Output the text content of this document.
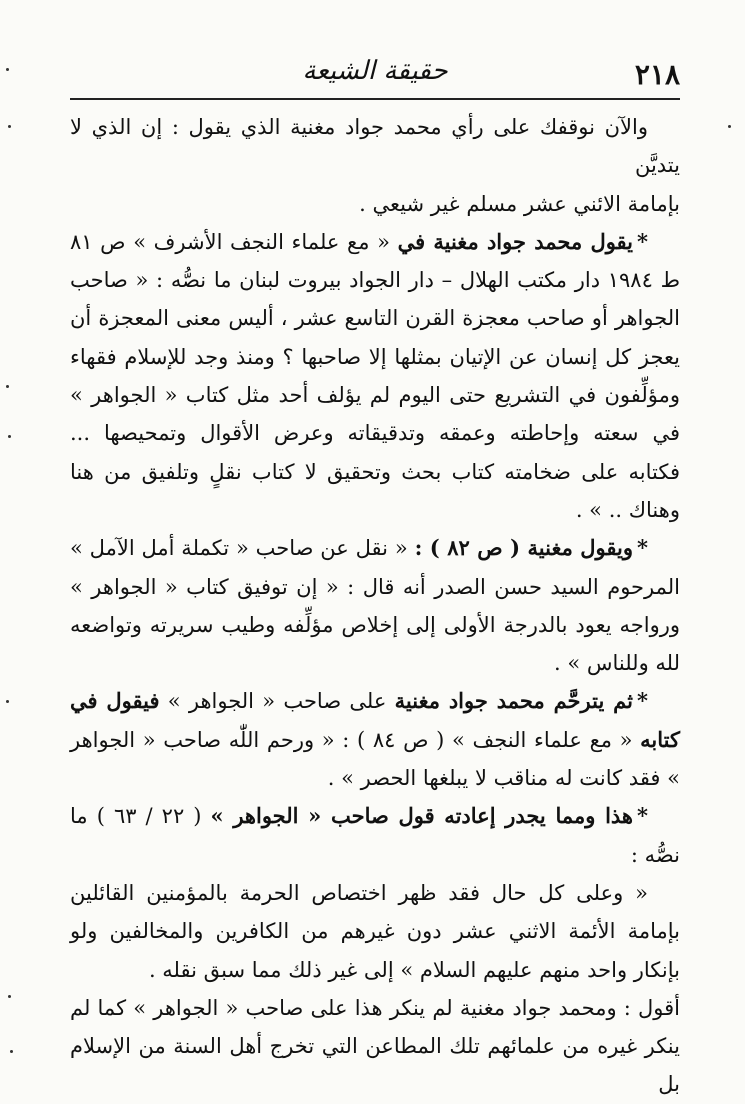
٢١٨
حقيقة الشيعة

والآن نوقفك على رأي محمد جواد مغنية الذي يقول : إن الذي لا يتديَّن
بإمامة الائني عشر مسلم غير شيعي .

*يقول محمد جواد مغنية في « مع علماء النجف الأشرف » ص ٨١ ط ١٩٨٤ دار مكتب الهلال – دار الجواد بيروت لبنان ما نصُّه : « صاحب الجواهر أو صاحب معجزة القرن التاسع عشر ، أليس معنى المعجزة أن يعجز كل إنسان عن الإتيان بمثلها إلا صاحبها ؟ ومنذ وجد للإسلام فقهاء ومؤلِّفون في التشريع حتى اليوم لم يؤلف أحد مثل كتاب « الجواهر » في سعته وإحاطته وعمقه وتدقيقاته وعرض الأقوال وتمحيصها ... فكتابه على ضخامته كتاب بحث وتحقيق لا كتاب نقلٍ وتلفيق من هنا وهناك .. » .

*ويقول مغنية ( ص ٨٢ ) : « نقل عن صاحب « تكملة أمل الآمل » المرحوم السيد حسن الصدر أنه قال : « إن توفيق كتاب « الجواهر » ورواجه يعود بالدرجة الأولى إلى إخلاص مؤلِّفه وطيب سريرته وتواضعه لله وللناس » .

*ثم يترحَّم محمد جواد مغنية على صاحب « الجواهر » فيقول في كتابه « مع علماء النجف » ( ص ٨٤ ) : « ورحم اللّٰه صاحب « الجواهر » فقد كانت له مناقب لا يبلغها الحصر » .

*هذا ومما يجدر إعادته قول صاحب « الجواهر » ( ٢٢ / ٦٣ ) ما نصُّه :

« وعلى كل حال فقد ظهر اختصاص الحرمة بالمؤمنين القائلين بإمامة الأئمة الاثني عشر دون غيرهم من الكافرين والمخالفين ولو بإنكار واحد منهم عليهم السلام » إلى غير ذلك مما سبق نقله .

أقول : ومحمد جواد مغنية لم ينكر هذا على صاحب « الجواهر » كما لم ينكر غيره من علمائهم تلك المطاعن التي تخرج أهل السنة من الإسلام بل
